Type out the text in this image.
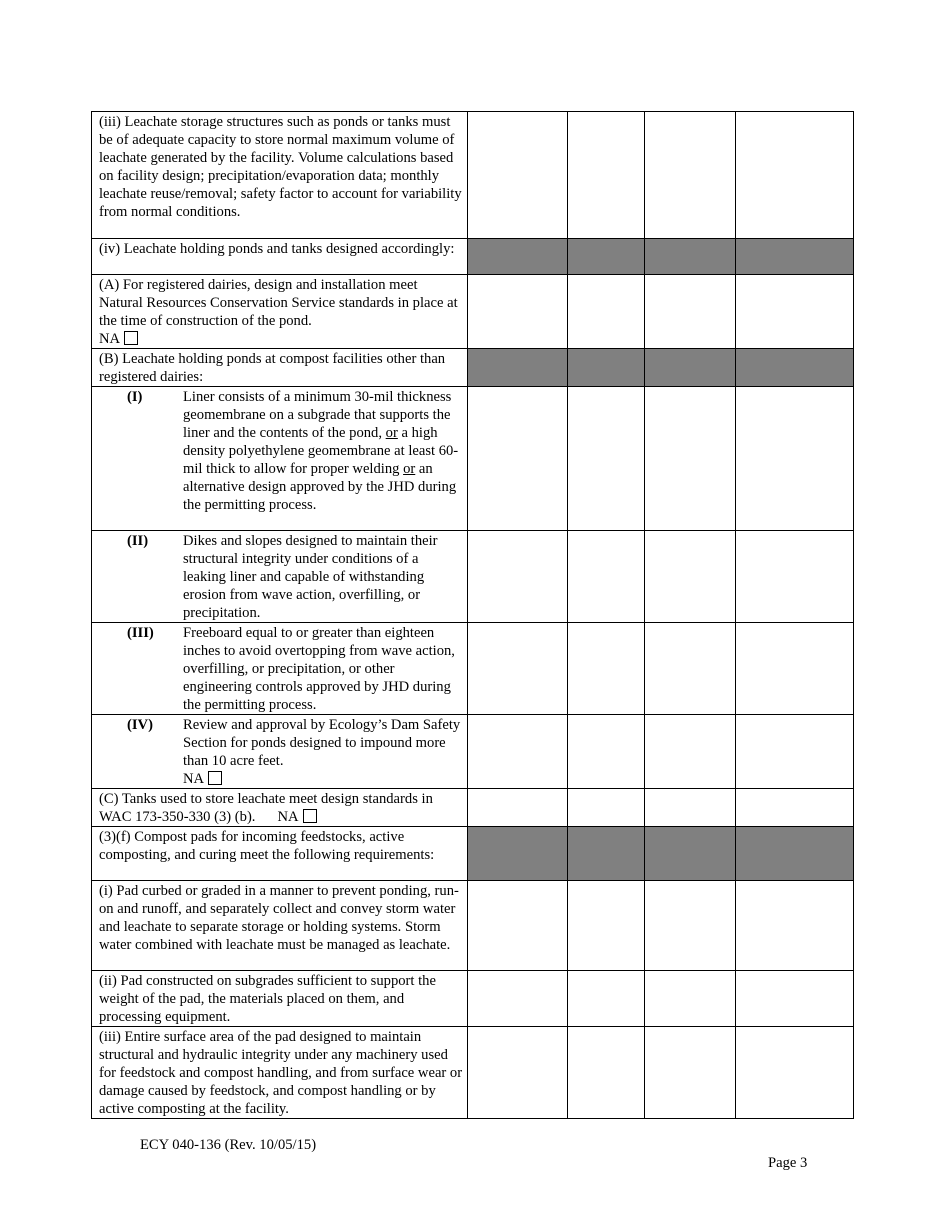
(iii) Leachate storage structures such as ponds or tanks must be of adequate capacity to store normal maximum volume of leachate generated by the facility. Volume calculations based on facility design; precipitation/evaporation data; monthly leachate reuse/removal; safety factor to account for variability from normal conditions.				
(iv) Leachate holding ponds and tanks designed accordingly:				
(A) For registered dairies, design and installation meet Natural Resources Conservation Service standards in place at the time of construction of the pond.
NA				
(B) Leachate holding ponds at compost facilities other than registered dairies:				

(I) Liner consists of a minimum 30-mil thickness geomembrane on a subgrade that supports the liner and the contents of the pond, or a high density polyethylene geomembrane at least 60-mil thick to allow for proper welding or an alternative design approved by the JHD during the permitting process.				

(II) Dikes and slopes designed to maintain their structural integrity under conditions of a leaking liner and capable of withstanding erosion from wave action, overfilling, or precipitation.				

(III) Freeboard equal to or greater than eighteen inches to avoid overtopping from wave action, overfilling, or precipitation, or other engineering controls approved by JHD during the permitting process.				

(IV) Review and approval by Ecology’s Dam Safety Section for ponds designed to impound more than 10 acre feet.
NA				

(C) Tanks used to store leachate meet design standards in WAC 173-350-330 (3) (b). NA				
(3)(f) Compost pads for incoming feedstocks, active composting, and curing meet the following requirements:				
(i) Pad curbed or graded in a manner to prevent ponding, run-on and runoff, and separately collect and convey storm water and leachate to separate storage or holding systems. Storm water combined with leachate must be managed as leachate.				
(ii) Pad constructed on subgrades sufficient to support the weight of the pad, the materials placed on them, and processing equipment.				
(iii) Entire surface area of the pad designed to maintain structural and hydraulic integrity under any machinery used for feedstock and compost handling, and from surface wear or damage caused by feedstock, and compost handling or by active composting at the facility.				
ECY 040-136 (Rev. 10/05/15)
Page 3
